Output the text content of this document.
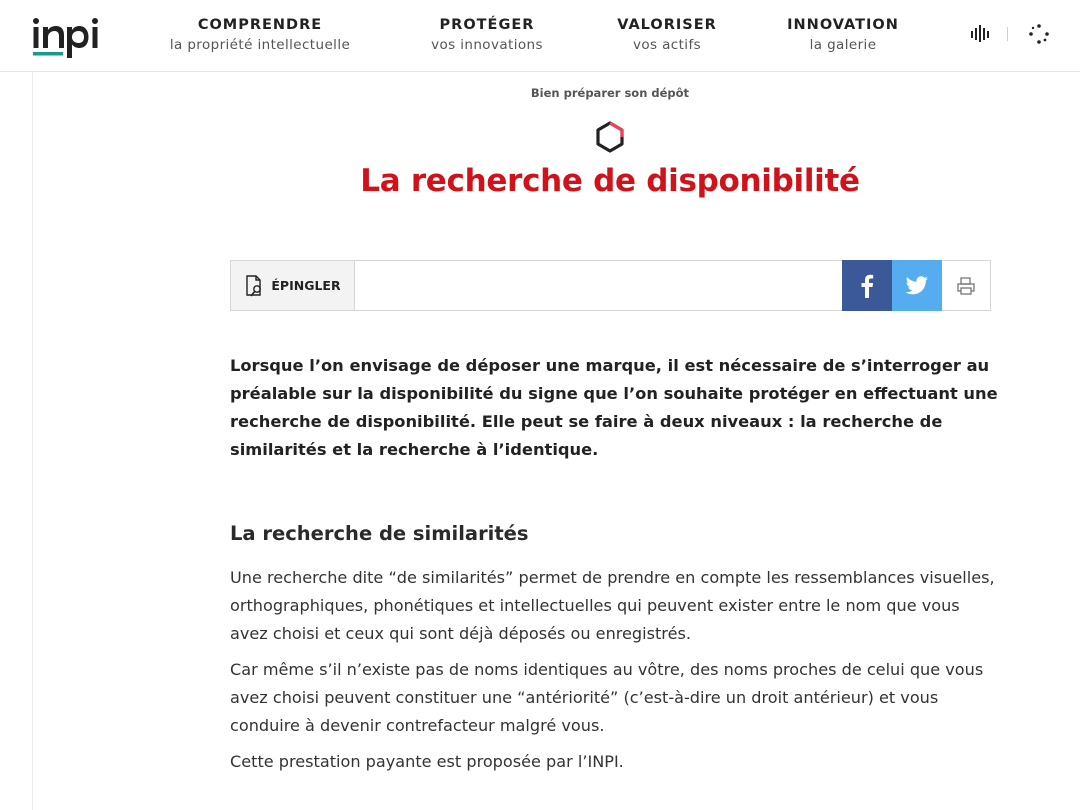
COMPRENDRE
la propriété intellectuelle
PROTÉGER
vos innovations
VALORISER
vos actifs
INNOVATION
la galerie
Bien préparer son dépôt
La recherche de disponibilité
ÉPINGLER

Lorsque l’on envisage de déposer une marque, il est nécessaire de s’interroger au préalable sur la disponibilité du signe que l’on souhaite protéger en effectuant une recherche de disponibilité. Elle peut se faire à deux niveaux : la recherche de similarités et la recherche à l’identique.

La recherche de similarités

Une recherche dite “de similarités” permet de prendre en compte les ressemblances visuelles, orthographiques, phonétiques et intellectuelles qui peuvent exister entre le nom que vous avez choisi et ceux qui sont déjà déposés ou enregistrés.

Car même s’il n’existe pas de noms identiques au vôtre, des noms proches de celui que vous avez choisi peuvent constituer une “antériorité” (c’est-à-dire un droit antérieur) et vous conduire à devenir contrefacteur malgré vous.

Cette prestation payante est proposée par l’INPI.
